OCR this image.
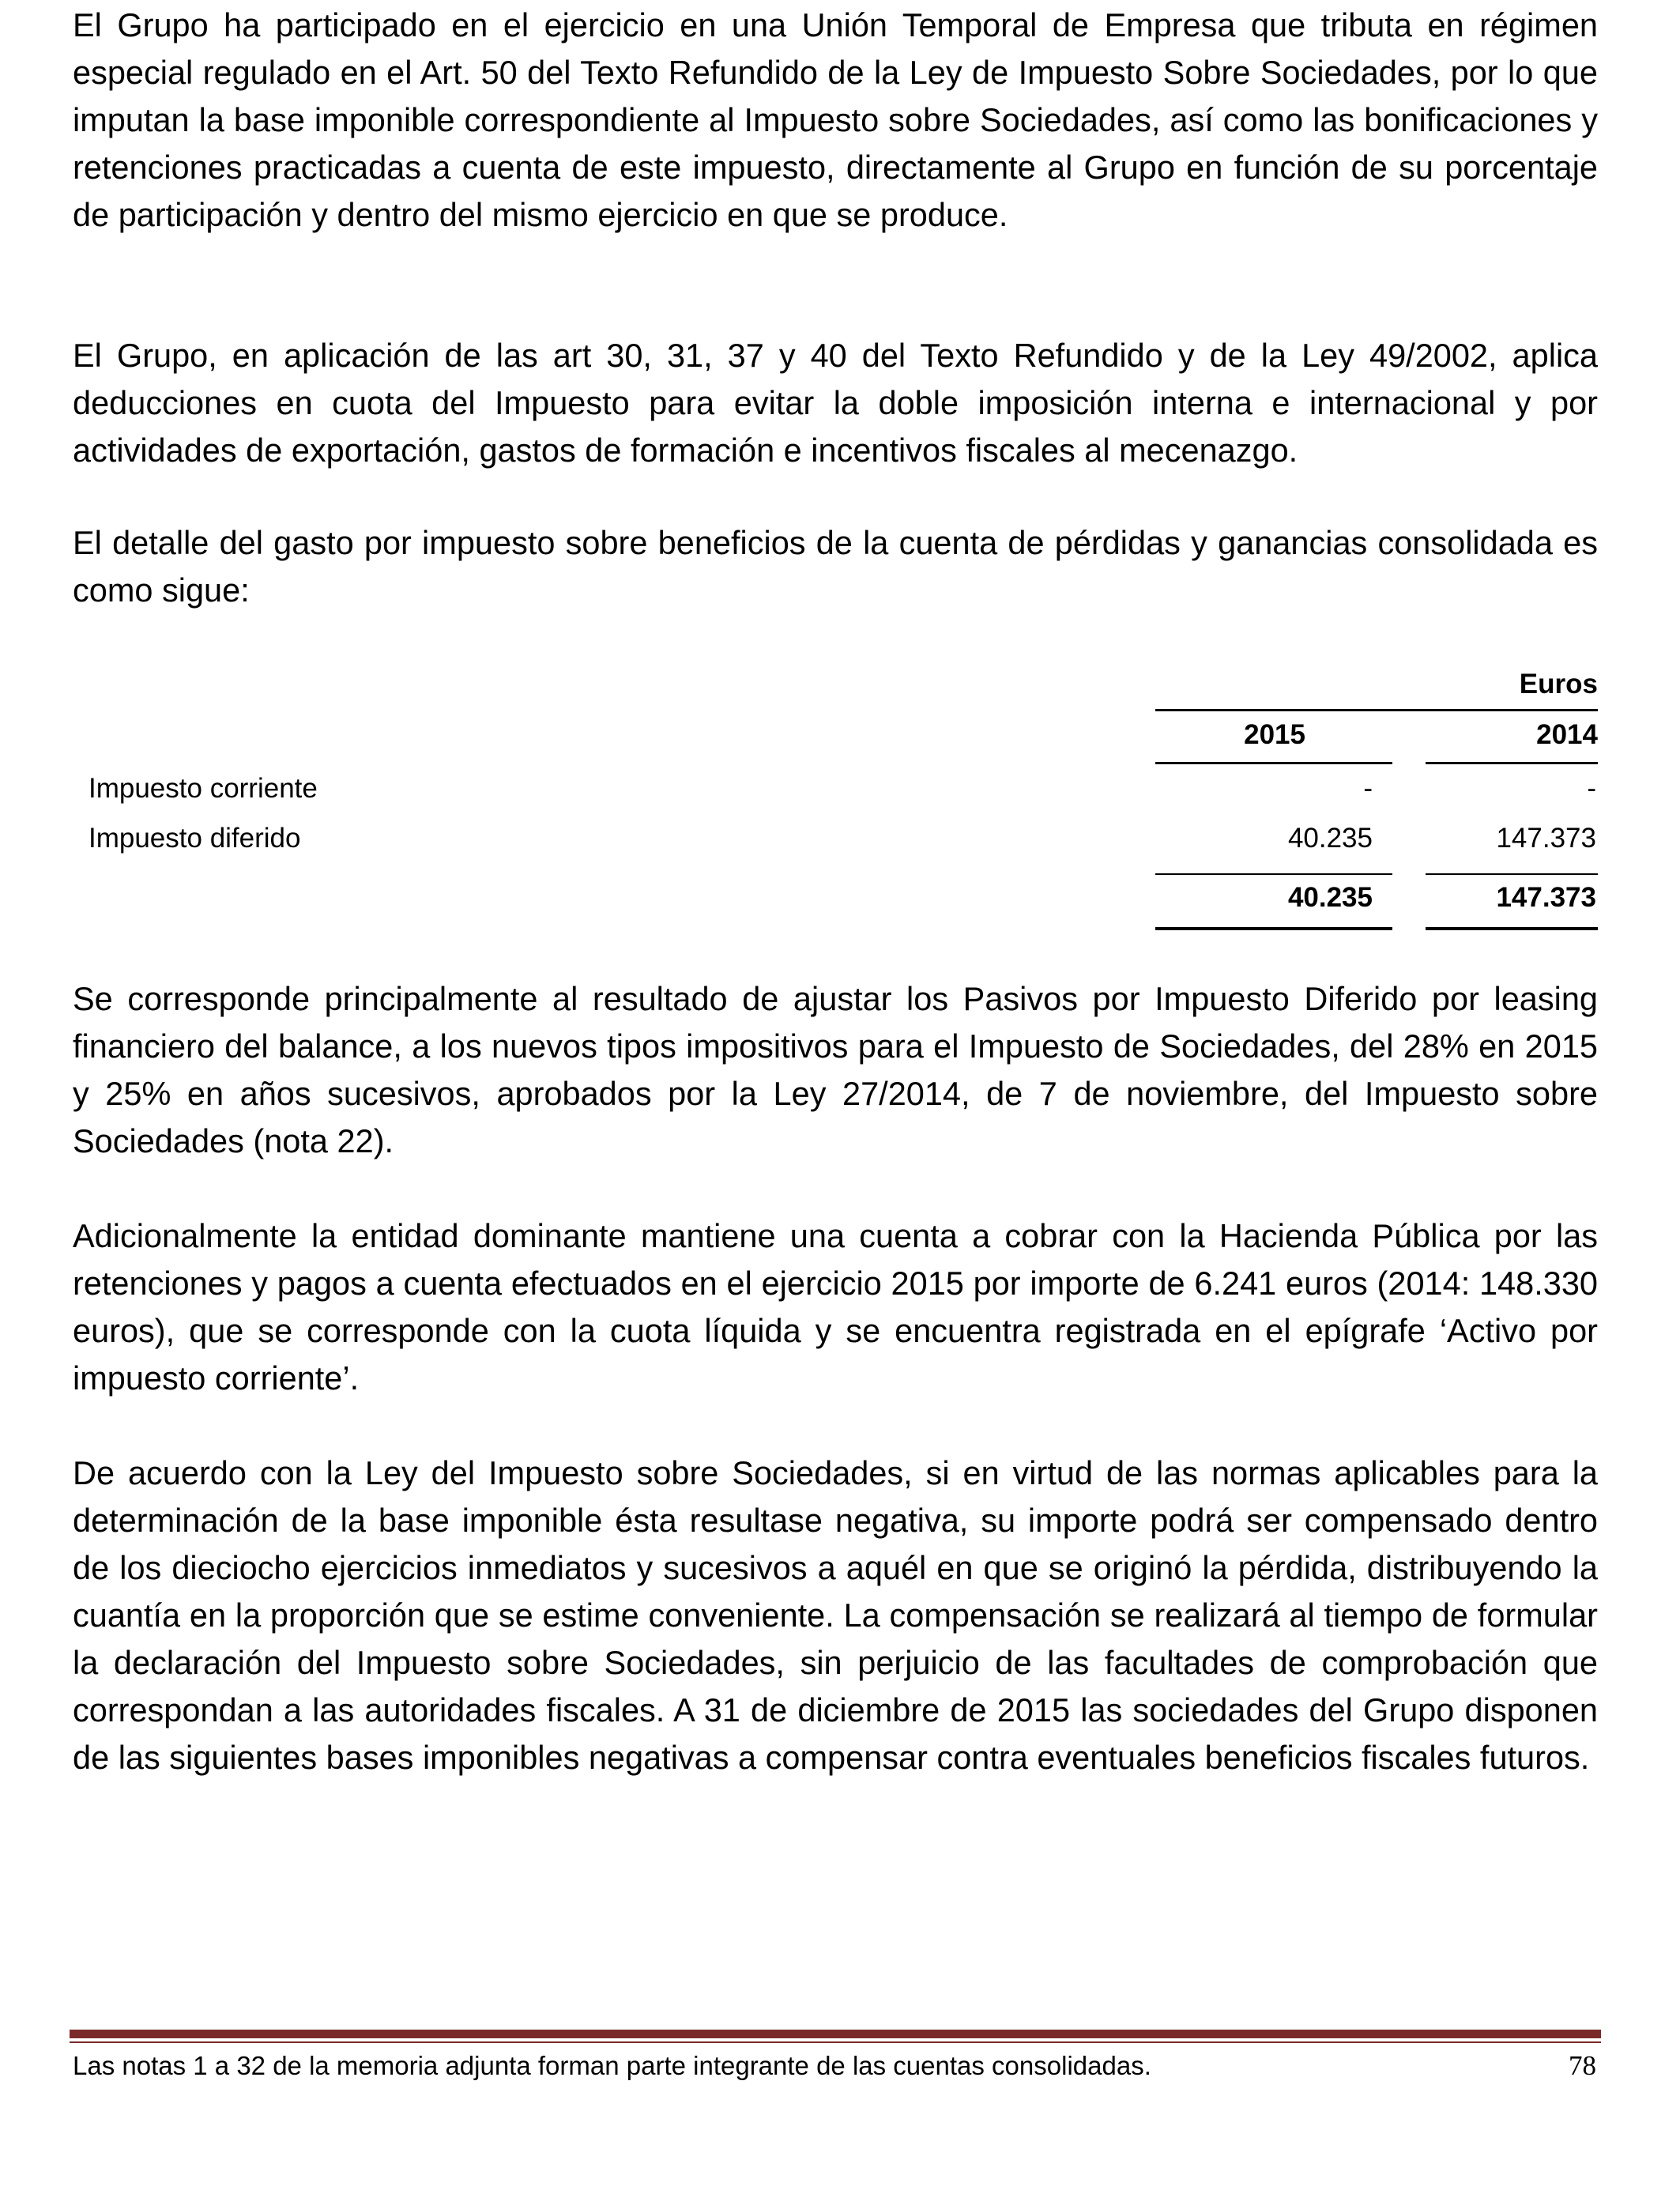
El Grupo ha participado en el ejercicio en una Unión Temporal de Empresa que tributa en régimen especial regulado en el Art. 50 del Texto Refundido de la Ley de Impuesto Sobre Sociedades, por lo que imputan la base imponible correspondiente al Impuesto sobre Sociedades, así como las bonificaciones y retenciones practicadas a cuenta de este impuesto, directamente al Grupo en función de su porcentaje de participación y dentro del mismo ejercicio en que se produce.

El Grupo, en aplicación de las art 30, 31, 37 y 40 del Texto Refundido y de la Ley 49/2002, aplica deducciones en cuota del Impuesto para evitar la doble imposición interna e internacional y por actividades de exportación, gastos de formación e incentivos fiscales al mecenazgo.

El detalle del gasto por impuesto sobre beneficios de la cuenta de pérdidas y ganancias consolidada es como sigue:

Euros
2015	2014
Impuesto corriente	-	-
Impuesto diferido	40.235	147.373
40.235	147.373

Se corresponde principalmente al resultado de ajustar los Pasivos por Impuesto Diferido por leasing financiero del balance, a los nuevos tipos impositivos para el Impuesto de Sociedades, del 28% en 2015 y 25% en años sucesivos, aprobados por la Ley 27/2014, de 7 de noviembre, del Impuesto sobre Sociedades (nota 22).

Adicionalmente la entidad dominante mantiene una cuenta a cobrar con la Hacienda Pública por las retenciones y pagos a cuenta efectuados en el ejercicio 2015 por importe de 6.241 euros (2014: 148.330 euros), que se corresponde con la cuota líquida y se encuentra registrada en el epígrafe ‘Activo por impuesto corriente’.

De acuerdo con la Ley del Impuesto sobre Sociedades, si en virtud de las normas aplicables para la determinación de la base imponible ésta resultase negativa, su importe podrá ser compensado dentro de los dieciocho ejercicios inmediatos y sucesivos a aquél en que se originó la pérdida, distribuyendo la cuantía en la proporción que se estime conveniente. La compensación se realizará al tiempo de formular la declaración del Impuesto sobre Sociedades, sin perjuicio de las facultades de comprobación que correspondan a las autoridades fiscales. A 31 de diciembre de 2015 las sociedades del Grupo disponen de las siguientes bases imponibles negativas a compensar contra eventuales beneficios fiscales futuros.

Las notas 1 a 32 de la memoria adjunta forman parte integrante de las cuentas consolidadas.	78
